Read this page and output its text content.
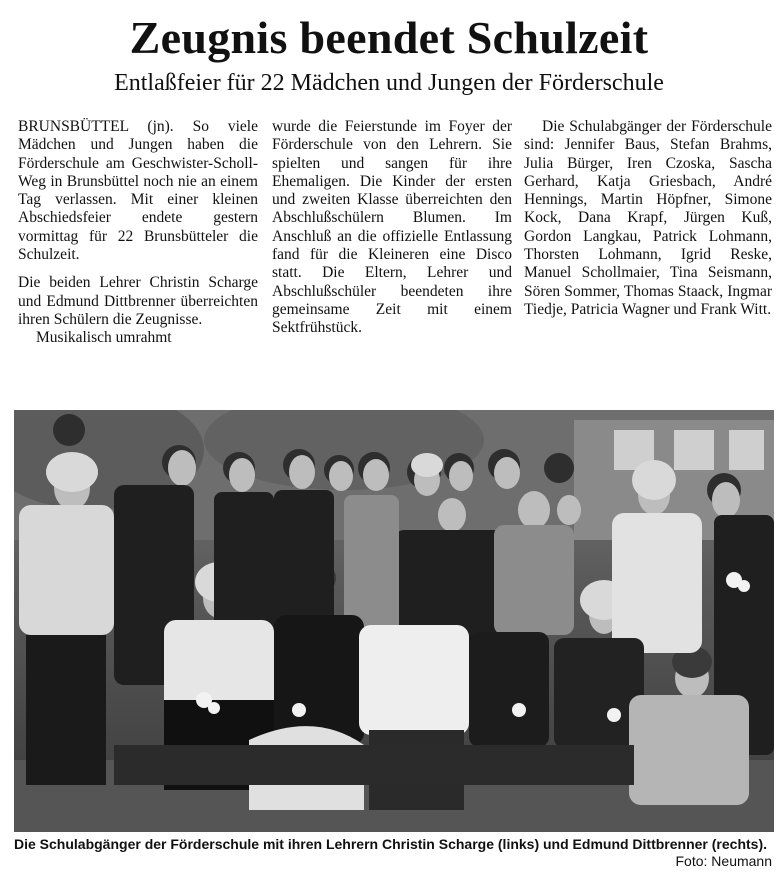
Zeugnis beendet Schulzeit
Entlaßfeier für 22 Mädchen und Jungen der Förderschule

BRUNSBÜTTEL (jn). So viele Mädchen und Jungen haben die Förderschule am Geschwister-Scholl-Weg in Brunsbüttel noch nie an einem Tag verlassen. Mit einer kleinen Abschiedsfeier endete gestern vormittag für 22 Brunsbütteler die Schulzeit.

Die beiden Lehrer Christin Scharge und Edmund Dittbrenner überreichten ihren Schülern die Zeugnisse.

Musikalisch umrahmt

wurde die Feierstunde im Foyer der Förderschule von den Lehrern. Sie spielten und sangen für ihre Ehemaligen. Die Kinder der ersten und zweiten Klasse überreichten den Abschlußschülern Blumen. Im Anschluß an die offizielle Entlassung fand für die Kleineren eine Disco statt. Die Eltern, Lehrer und Abschlußschüler beendeten ihre gemeinsame Zeit mit einem Sektfrühstück.

Die Schulabgänger der Förderschule sind: Jennifer Baus, Stefan Brahms, Julia Bürger, Iren Czoska, Sascha Gerhard, Katja Griesbach, André Hennings, Martin Höpfner, Simone Kock, Dana Krapf, Jürgen Kuß, Gordon Langkau, Patrick Lohmann, Thorsten Lohmann, Igrid Reske, Manuel Schollmaier, Tina Seismann, Sören Sommer, Thomas Staack, Ingmar Tiedje, Patricia Wagner und Frank Witt.

Die Schulabgänger der Förderschule mit ihren Lehrern Christin Scharge (links) und Edmund Dittbrenner (rechts).
Foto: Neumann
